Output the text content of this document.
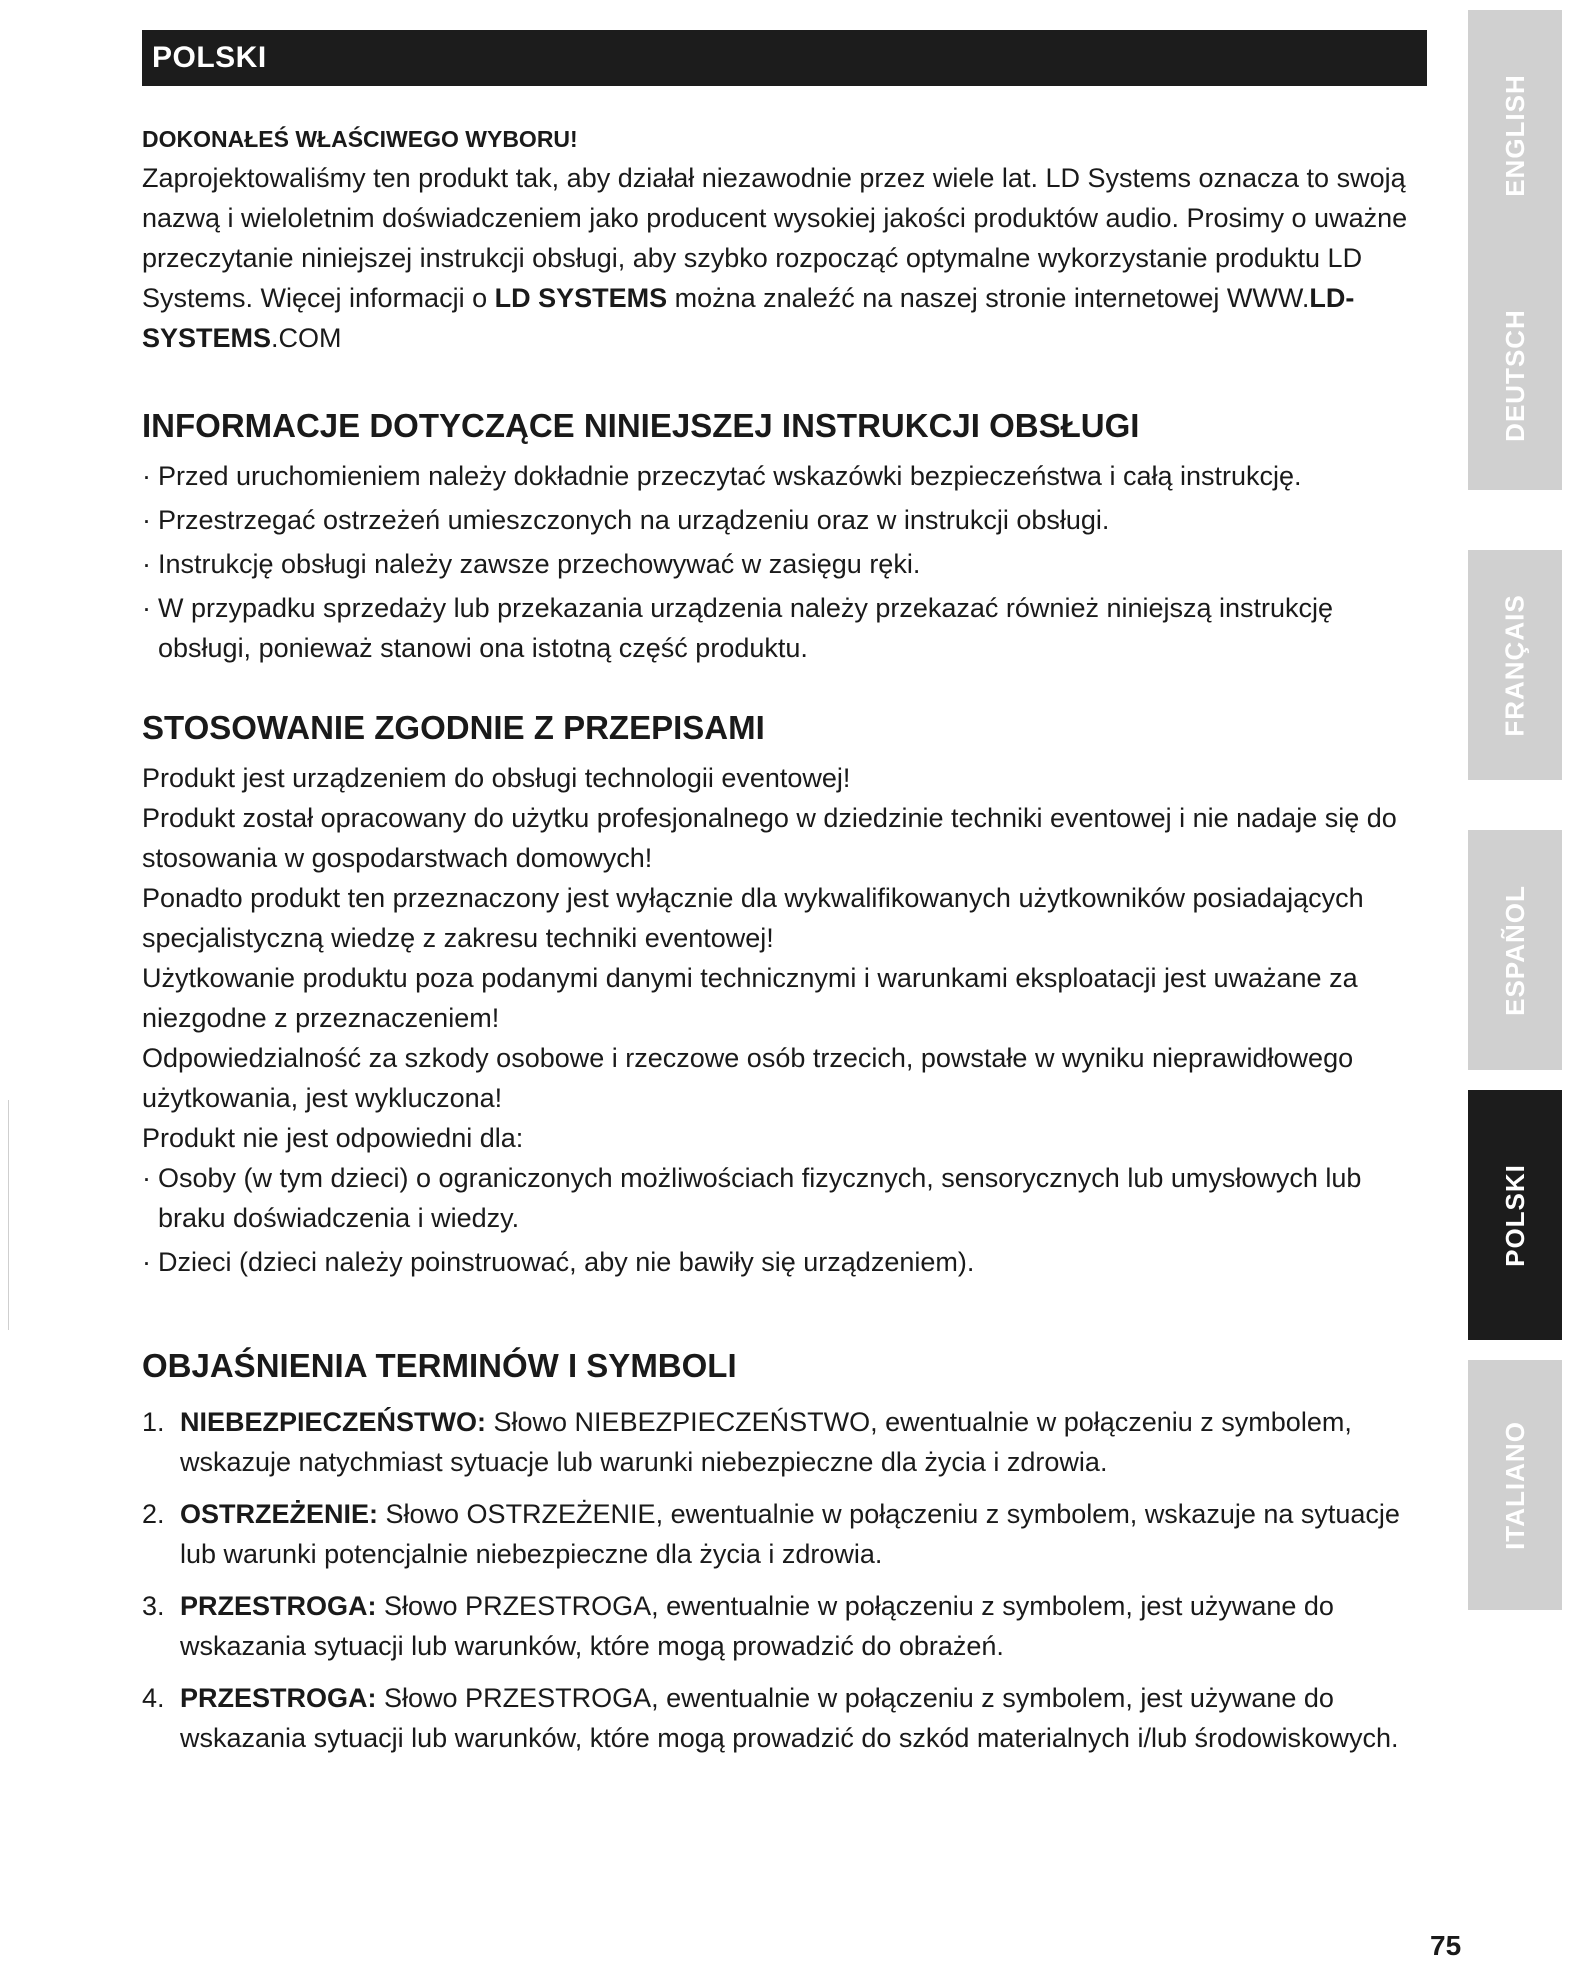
POLSKI
DOKONAŁEŚ WŁAŚCIWEGO WYBORU!

Zaprojektowaliśmy ten produkt tak, aby działał niezawodnie przez wiele lat. LD Systems oznacza to swoją nazwą i wieloletnim doświadczeniem jako producent wysokiej jakości produktów audio. Prosimy o uważne przeczytanie niniejszej instrukcji obsługi, aby szybko rozpocząć optymalne wykorzystanie produktu LD Systems. Więcej informacji o LD SYSTEMS można znaleźć na naszej stronie internetowej WWW.LD-SYSTEMS.COM

INFORMACJE DOTYCZĄCE NINIEJSZEJ INSTRUKCJI OBSŁUGI
· Przed uruchomieniem należy dokładnie przeczytać wskazówki bezpieczeństwa i całą instrukcję.
· Przestrzegać ostrzeżeń umieszczonych na urządzeniu oraz w instrukcji obsługi.
· Instrukcję obsługi należy zawsze przechowywać w zasięgu ręki.
· W przypadku sprzedaży lub przekazania urządzenia należy przekazać również niniejszą instrukcję obsługi, ponieważ stanowi ona istotną część produktu.
STOSOWANIE ZGODNIE Z PRZEPISAMI

Produkt jest urządzeniem do obsługi technologii eventowej!

Produkt został opracowany do użytku profesjonalnego w dziedzinie techniki eventowej i nie nadaje się do stosowania w gospodarstwach domowych!

Ponadto produkt ten przeznaczony jest wyłącznie dla wykwalifikowanych użytkowników posiadających specjalistyczną wiedzę z zakresu techniki eventowej!

Użytkowanie produktu poza podanymi danymi technicznymi i warunkami eksploatacji jest uważane za niezgodne z przeznaczeniem!

Odpowiedzialność za szkody osobowe i rzeczowe osób trzecich, powstałe w wyniku nieprawidłowego użytkowania, jest wykluczona!

Produkt nie jest odpowiedni dla:

· Osoby (w tym dzieci) o ograniczonych możliwościach fizycznych, sensorycznych lub umysłowych lub braku doświadczenia i wiedzy.
· Dzieci (dzieci należy poinstruować, aby nie bawiły się urządzeniem).
OBJAŚNIENIA TERMINÓW I SYMBOLI
1. NIEBEZPIECZEŃSTWO: Słowo NIEBEZPIECZEŃSTWO, ewentualnie w połączeniu z symbolem, wskazuje natychmiast sytuacje lub warunki niebezpieczne dla życia i zdrowia.
2. OSTRZEŻENIE: Słowo OSTRZEŻENIE, ewentualnie w połączeniu z symbolem, wskazuje na sytuacje lub warunki potencjalnie niebezpieczne dla życia i zdrowia.
3. PRZESTROGA: Słowo PRZESTROGA, ewentualnie w połączeniu z symbolem, jest używane do wskazania sytuacji lub warunków, które mogą prowadzić do obrażeń.
4. PRZESTROGA: Słowo PRZESTROGA, ewentualnie w połączeniu z symbolem, jest używane do wskazania sytuacji lub warunków, które mogą prowadzić do szkód materialnych i/lub środowiskowych.
ENGLISH
DEUTSCH
FRANÇAIS
ESPAÑOL
POLSKI
ITALIANO
75
